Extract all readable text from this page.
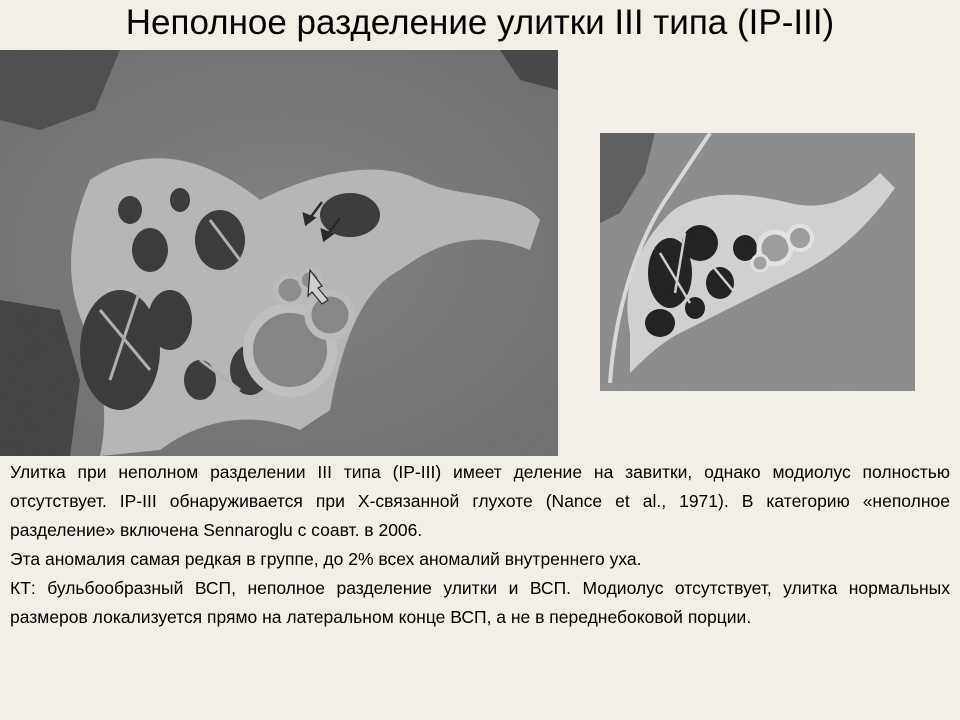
Неполное разделение улитки III типа (IP-III)

Улитка при неполном разделении III типа (IP-III) имеет деление на завитки, однако модиолус полностью отсутствует. IP-III обнаруживается при X-связанной глухоте (Nance et al., 1971). В категорию «неполное разделение» включена Sennaroglu с соавт. в 2006.

Эта аномалия самая редкая в группе, до 2% всех аномалий внутреннего уха.

КТ: бульбообразный ВСП, неполное разделение улитки и ВСП. Модиолус отсутствует, улитка нормальных размеров локализуется прямо на латеральном конце ВСП, а не в переднебоковой порции.
